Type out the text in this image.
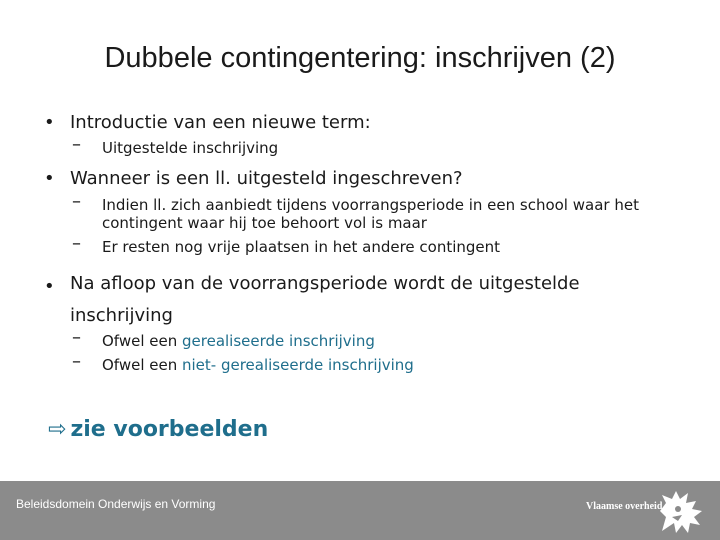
Dubbele contingentering: inschrijven (2)
• Introductie van een nieuwe term:
– Uitgestelde inschrijving
• Wanneer is een ll. uitgesteld ingeschreven?
– Indien ll. zich aanbiedt tijdens voorrangsperiode in een school waar het contingent waar hij toe behoort vol is maar
– Er resten nog vrije plaatsen in het andere contingent
• Na afloop van de voorrangsperiode wordt de uitgestelde inschrijving
– Ofwel een gerealiseerde inschrijving
– Ofwel een niet- gerealiseerde inschrijving
⇨ zie voorbeelden
Beleidsdomein Onderwijs en Vorming	Vlaamse overheid
